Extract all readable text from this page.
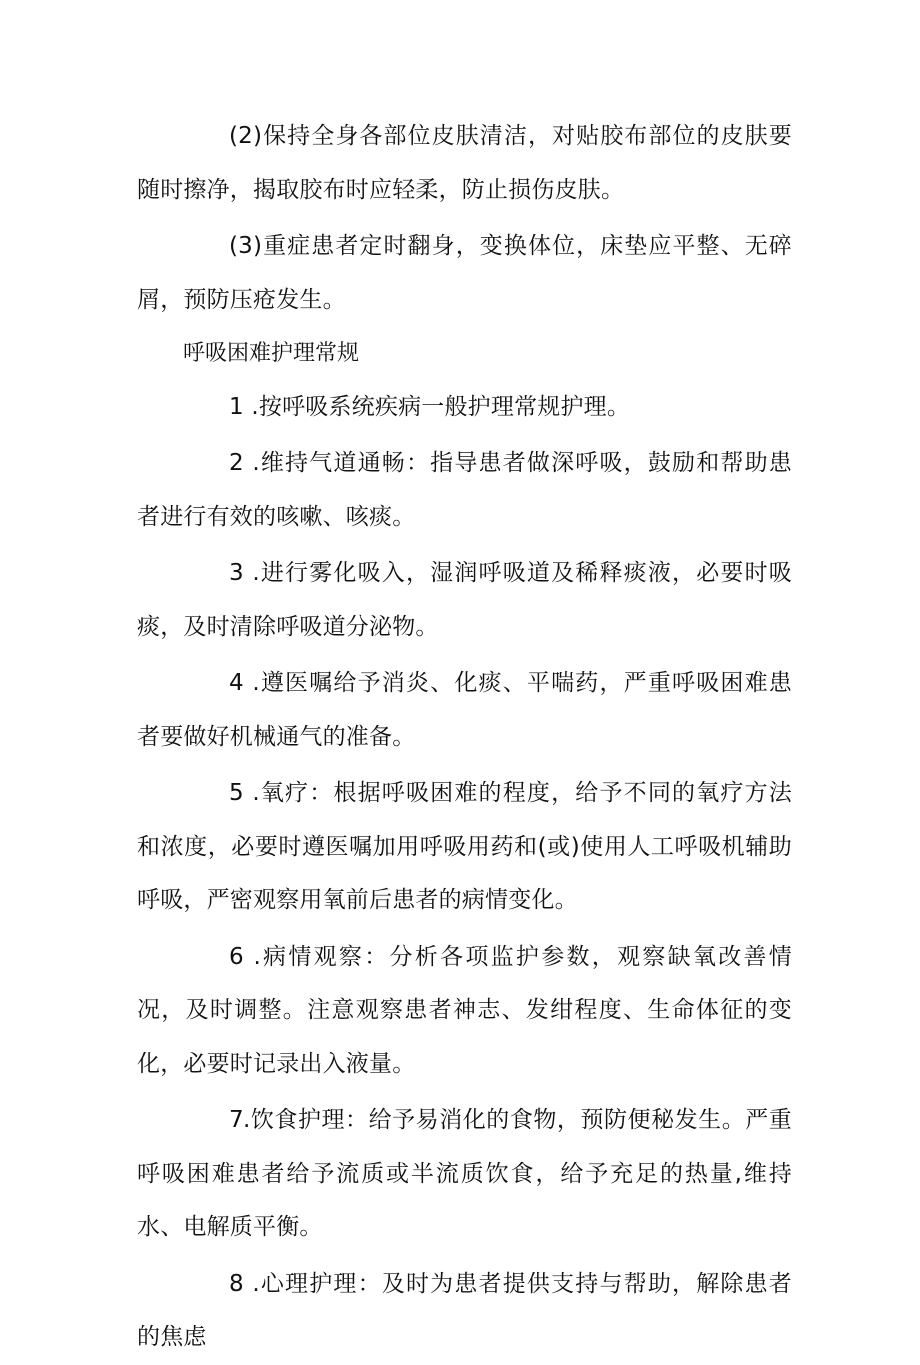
(2)保持全身各部位皮肤清洁，对贴胶布部位的皮肤要随时擦净，揭取胶布时应轻柔，防止损伤皮肤。

(3)重症患者定时翻身，变换体位，床垫应平整、无碎屑，预防压疮发生。

呼吸困难护理常规

1 .按呼吸系统疾病一般护理常规护理。

2 .维持气道通畅：指导患者做深呼吸，鼓励和帮助患者进行有效的咳嗽、咳痰。

3 .进行雾化吸入，湿润呼吸道及稀释痰液，必要时吸痰，及时清除呼吸道分泌物。

4 .遵医嘱给予消炎、化痰、平喘药，严重呼吸困难患者要做好机械通气的准备。

5 .氧疗：根据呼吸困难的程度，给予不同的氧疗方法和浓度，必要时遵医嘱加用呼吸用药和(或)使用人工呼吸机辅助呼吸，严密观察用氧前后患者的病情变化。

6 .病情观察：分析各项监护参数，观察缺氧改善情况，及时调整。注意观察患者神志、发绀程度、生命体征的变化，必要时记录出入液量。

7.饮食护理：给予易消化的食物，预防便秘发生。严重呼吸困难患者给予流质或半流质饮食，给予充足的热量,维持水、电解质平衡。

8 .心理护理：及时为患者提供支持与帮助，解除患者的焦虑
